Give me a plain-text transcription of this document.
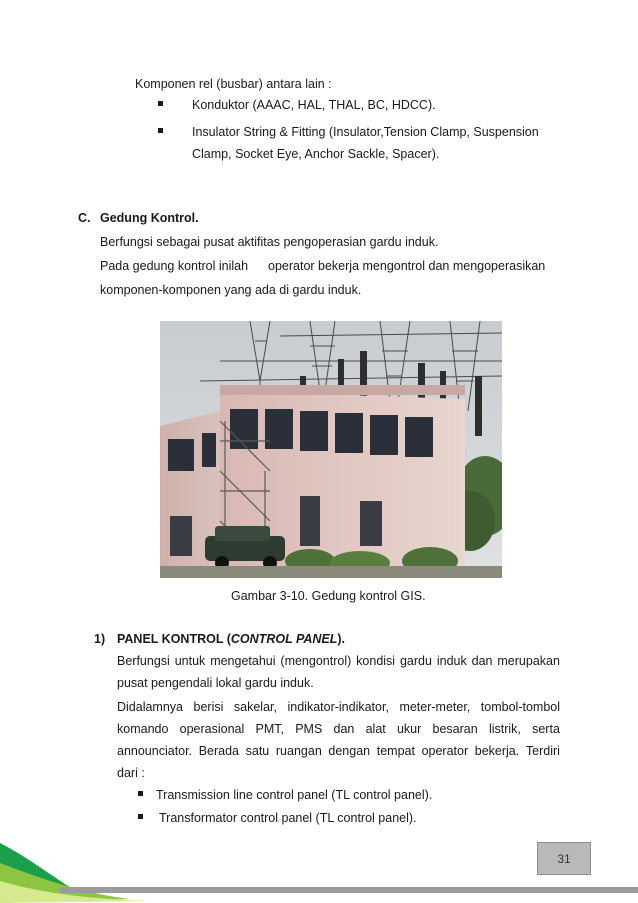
Komponen rel (busbar) antara lain :
Konduktor (AAAC, HAL, THAL, BC, HDCC).
Insulator String & Fitting (Insulator,Tension Clamp, Suspension
Clamp, Socket Eye, Anchor Sackle, Spacer).
C. Gedung Kontrol.
Berfungsi sebagai pusat aktifitas pengoperasian gardu induk.
Pada gedung kontrol inilah operator bekerja mengontrol dan mengoperasikan
komponen-komponen yang ada di gardu induk.
Gambar 3-10. Gedung kontrol GIS.
1) PANEL KONTROL (CONTROL PANEL).
Berfungsi untuk mengetahui (mengontrol) kondisi gardu induk dan merupakan
pusat pengendali lokal gardu induk.
Didalamnya berisi sakelar, indikator-indikator, meter-meter, tombol-tombol
komando operasional PMT, PMS dan alat ukur besaran listrik, serta
announciator. Berada satu ruangan dengan tempat operator bekerja. Terdiri
dari :
Transmission line control panel (TL control panel).
Transformator control panel (TL control panel).
31
